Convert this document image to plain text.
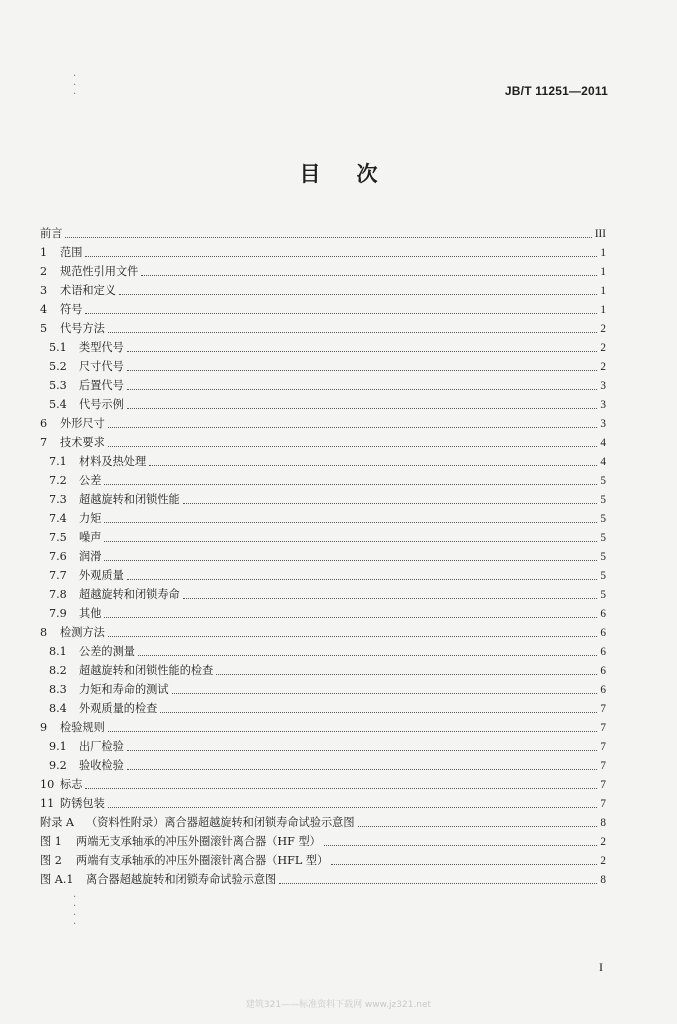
·
·
·	JB/T 11251—2011
目 次
前言	III
1	范围	1
2	规范性引用文件	1
3	术语和定义	1
4	符号	1
5	代号方法	2
5.1	类型代号	2
5.2	尺寸代号	2
5.3	后置代号	3
5.4	代号示例	3
6	外形尺寸	3
7	技术要求	4
7.1	材料及热处理	4
7.2	公差	5
7.3	超越旋转和闭锁性能	5
7.4	力矩	5
7.5	噪声	5
7.6	润滑	5
7.7	外观质量	5
7.8	超越旋转和闭锁寿命	5
7.9	其他	6
8	检测方法	6
8.1	公差的测量	6
8.2	超越旋转和闭锁性能的检查	6
8.3	力矩和寿命的测试	6
8.4	外观质量的检查	7
9	检验规则	7
9.1	出厂检验	7
9.2	验收检验	7
10 标志	7
11 防锈包装	7
附录 A	（资料性附录）离合器超越旋转和闭锁寿命试验示意图	8
图 1	两端无支承轴承的冲压外圈滚针离合器（HF 型）	2
图 2	两端有支承轴承的冲压外圈滚针离合器（HFL 型）	2
图 A.1	离合器超越旋转和闭锁寿命试验示意图	8
·
·
·
·
I
建筑321——标准资料下载网 www.jz321.net
